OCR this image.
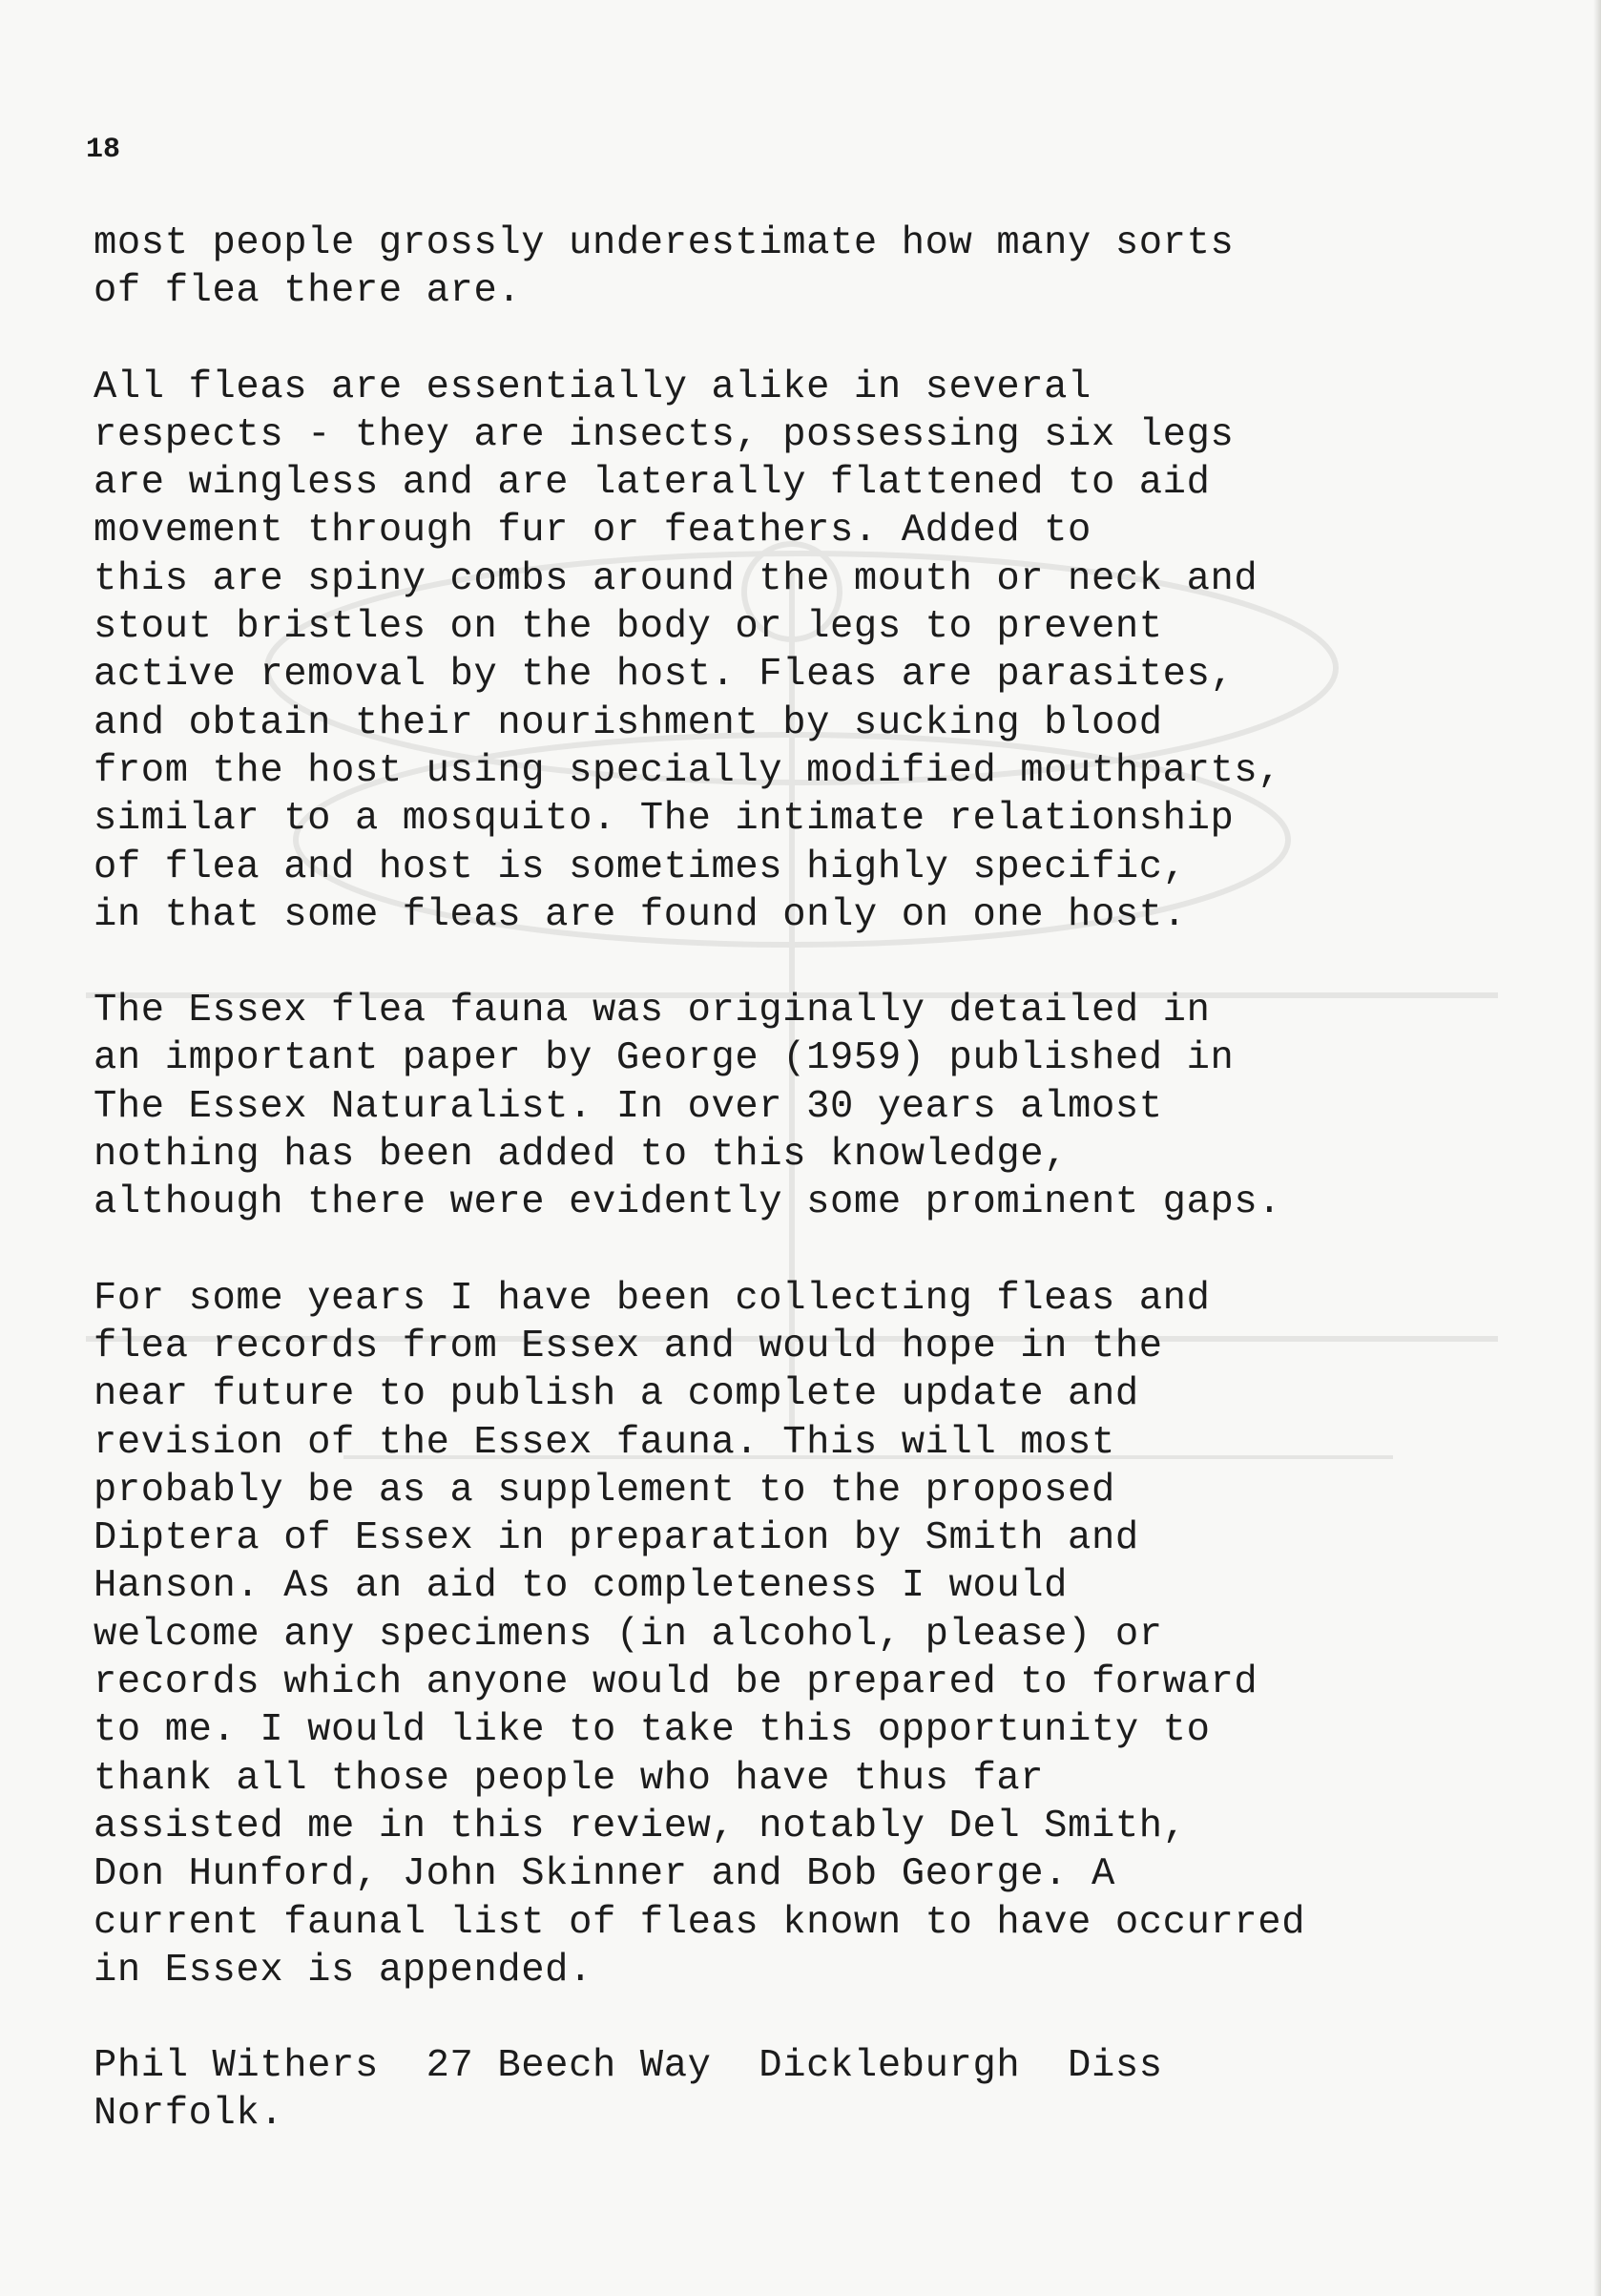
18
most people grossly underestimate how many sorts
of flea there are.
All fleas are essentially alike in several
respects - they are insects, possessing six legs
are wingless and are laterally flattened to aid
movement through fur or feathers. Added to
this are spiny combs around the mouth or neck and
stout bristles on the body or legs to prevent
active removal by the host. Fleas are parasites,
and obtain their nourishment by sucking blood
from the host using specially modified mouthparts,
similar to a mosquito. The intimate relationship
of flea and host is sometimes highly specific,
in that some fleas are found only on one host.
The Essex flea fauna was originally detailed in
an important paper by George (1959) published in
The Essex Naturalist. In over 30 years almost
nothing has been added to this knowledge,
although there were evidently some prominent gaps.
For some years I have been collecting fleas and
flea records from Essex and would hope in the
near future to publish a complete update and
revision of the Essex fauna. This will most
probably be as a supplement to the proposed
Diptera of Essex in preparation by Smith and
Hanson. As an aid to completeness I would
welcome any specimens (in alcohol, please) or
records which anyone would be prepared to forward
to me. I would like to take this opportunity to
thank all those people who have thus far
assisted me in this review, notably Del Smith,
Don Hunford, John Skinner and Bob George. A
current faunal list of fleas known to have occurred
in Essex is appended.
Phil Withers  27 Beech Way  Dickleburgh  Diss
Norfolk.
